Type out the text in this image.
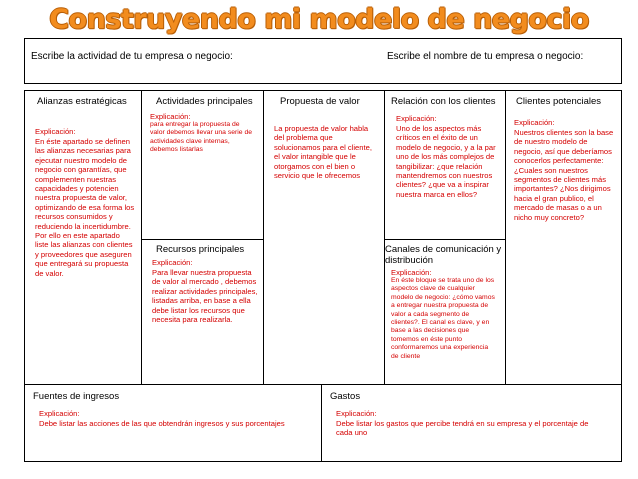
Construyendo mi modelo de negocio
Escribe la actividad de tu empresa o negocio:	Escribe el nombre de tu empresa o negocio:
Alianzas estratégicas
Explicación:
En éste apartado se definen las alianzas necesarias para ejecutar nuestro modelo de negocio con garantías, que complementen nuestras capacidades y potencien nuestra propuesta de valor, optimizando de esa forma los recursos consumidos y reduciendo la incertidumbre. Por ello en este apartado liste las alianzas con clientes y proveedores que aseguren que entregará su propuesta de valor.
Actividades principales
Explicación:
para entregar la propuesta de valor debemos llevar una serie de actividades clave internas, debemos listarlas
Recursos principales
Explicación:
Para llevar nuestra propuesta de valor al mercado , debemos realizar actividades principales, listadas arriba, en base a ella debe listar los recursos que necesita para realizarla.
Propuesta de valor
La propuesta de valor habla del problema que solucionamos para el cliente, el valor intangible que le otorgamos con el bien o servicio que le ofrecemos
Relación con los clientes
Explicación:
Uno de los aspectos más críticos en el éxito de un modelo de negocio, y a la par uno de los más complejos de tangibilizar: ¿que relación mantendremos con nuestros clientes? ¿que va a inspirar nuestra marca en ellos?
Canales de comunicación y distribución
Explicación:
En éste bloque se trata uno de los aspectos clave de cualquier modelo de negocio: ¿cómo vamos a entregar nuestra propuesta de valor a cada segmento de clientes?. El canal es clave, y en base a las decisiones que tomemos en éste punto conformaremos una experiencia de cliente
Clientes potenciales
Explicación:
Nuestros clientes son la base de nuestro modelo de negocio, así que deberíamos conocerlos perfectamente: ¿Cuales son nuestros segmentos de clientes más importantes? ¿Nos dirigimos hacia el gran publico, el mercado de masas o a un nicho muy concreto?
Fuentes de ingresos
Explicación:
Debe listar las acciones de las que obtendrán ingresos y sus porcentajes
Gastos
Explicación:
Debe listar los gastos que percibe tendrá en su empresa y el porcentaje de cada uno
